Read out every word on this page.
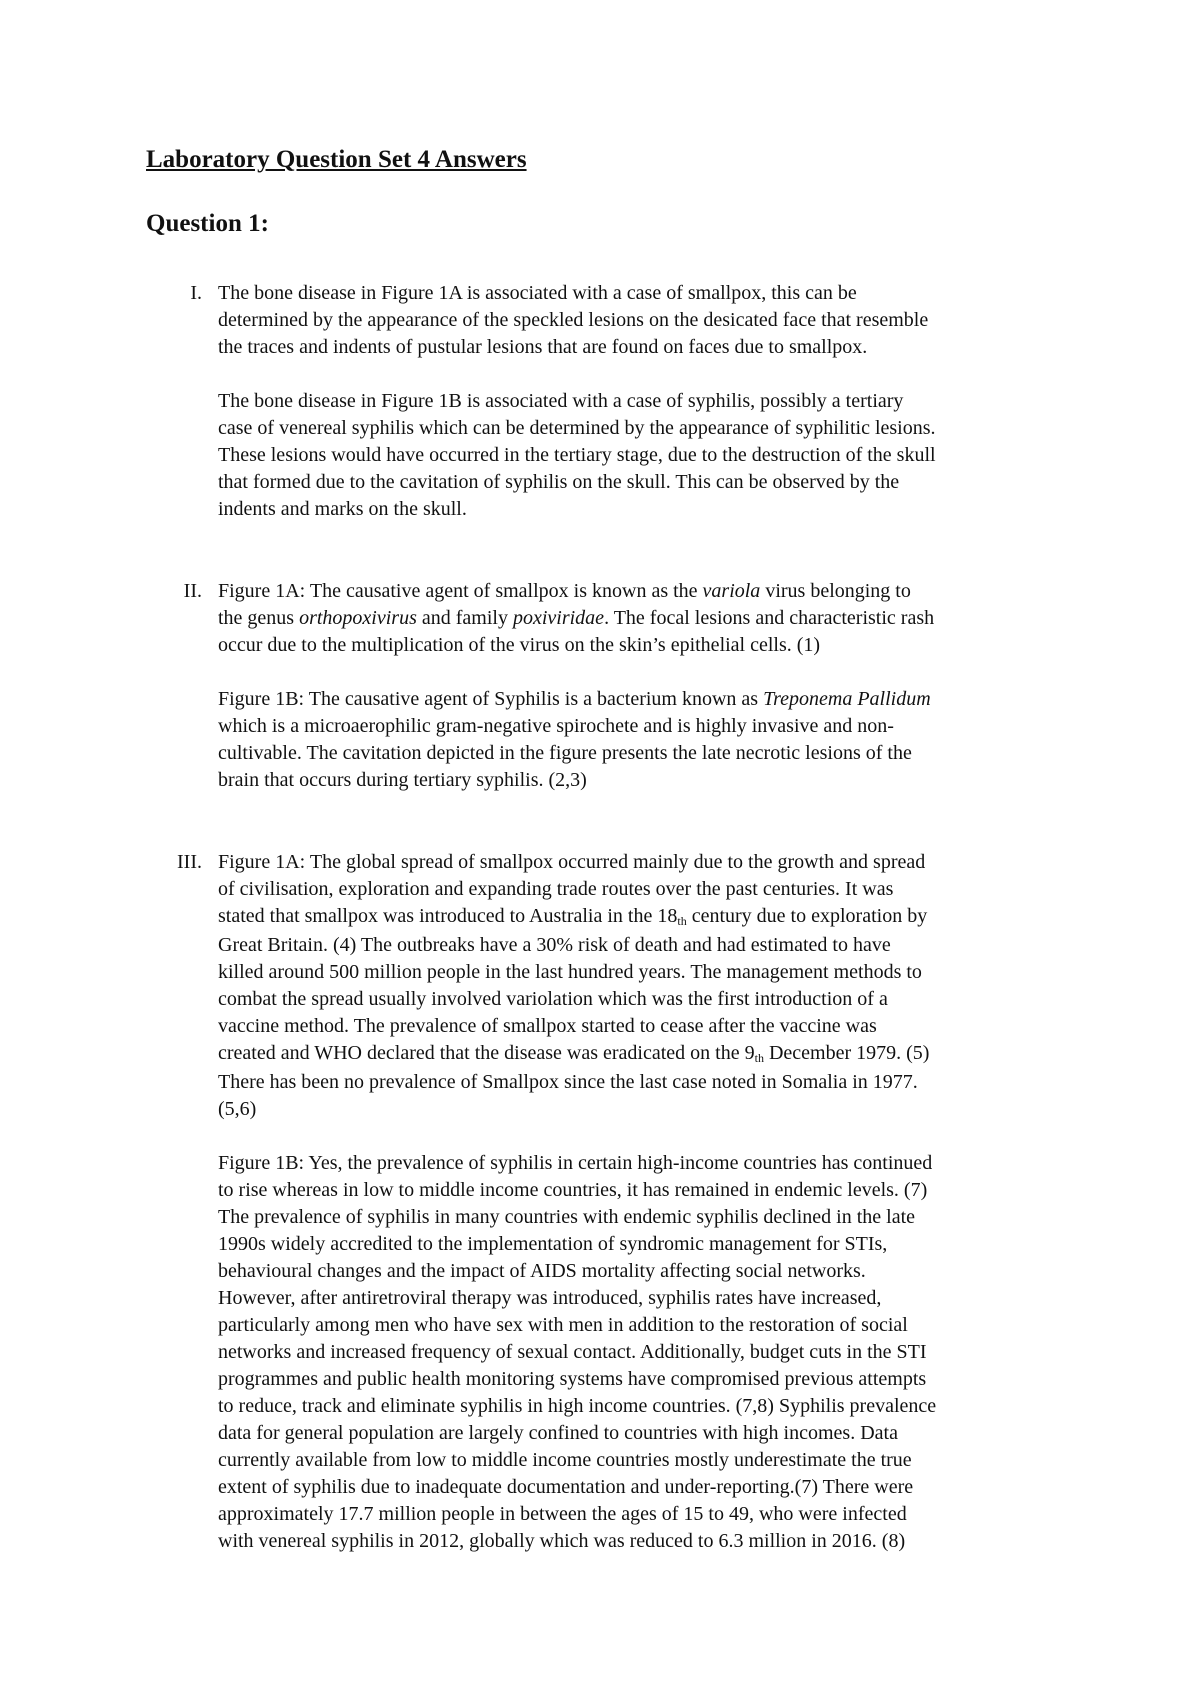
Laboratory Question Set 4 Answers
Question 1:
I. The bone disease in Figure 1A is associated with a case of smallpox, this can be
determined by the appearance of the speckled lesions on the desicated face that resemble
the traces and indents of pustular lesions that are found on faces due to smallpox.

The bone disease in Figure 1B is associated with a case of syphilis, possibly a tertiary
case of venereal syphilis which can be determined by the appearance of syphilitic lesions.
These lesions would have occurred in the tertiary stage, due to the destruction of the skull
that formed due to the cavitation of syphilis on the skull. This can be observed by the
indents and marks on the skull.

II. Figure 1A: The causative agent of smallpox is known as the variola virus belonging to
the genus orthopoxivirus and family poxiviridae. The focal lesions and characteristic rash
occur due to the multiplication of the virus on the skin’s epithelial cells. (1)

Figure 1B: The causative agent of Syphilis is a bacterium known as Treponema Pallidum
which is a microaerophilic gram-negative spirochete and is highly invasive and non-
cultivable. The cavitation depicted in the figure presents the late necrotic lesions of the
brain that occurs during tertiary syphilis. (2,3)

III. Figure 1A: The global spread of smallpox occurred mainly due to the growth and spread
of civilisation, exploration and expanding trade routes over the past centuries. It was
stated that smallpox was introduced to Australia in the 18th century due to exploration by
Great Britain. (4) The outbreaks have a 30% risk of death and had estimated to have
killed around 500 million people in the last hundred years. The management methods to
combat the spread usually involved variolation which was the first introduction of a
vaccine method. The prevalence of smallpox started to cease after the vaccine was
created and WHO declared that the disease was eradicated on the 9th December 1979. (5)
There has been no prevalence of Smallpox since the last case noted in Somalia in 1977.
(5,6)

Figure 1B: Yes, the prevalence of syphilis in certain high-income countries has continued
to rise whereas in low to middle income countries, it has remained in endemic levels. (7)
The prevalence of syphilis in many countries with endemic syphilis declined in the late
1990s widely accredited to the implementation of syndromic management for STIs,
behavioural changes and the impact of AIDS mortality affecting social networks.
However, after antiretroviral therapy was introduced, syphilis rates have increased,
particularly among men who have sex with men in addition to the restoration of social
networks and increased frequency of sexual contact. Additionally, budget cuts in the STI
programmes and public health monitoring systems have compromised previous attempts
to reduce, track and eliminate syphilis in high income countries. (7,8) Syphilis prevalence
data for general population are largely confined to countries with high incomes. Data
currently available from low to middle income countries mostly underestimate the true
extent of syphilis due to inadequate documentation and under-reporting.(7) There were
approximately 17.7 million people in between the ages of 15 to 49, who were infected
with venereal syphilis in 2012, globally which was reduced to 6.3 million in 2016. (8)
